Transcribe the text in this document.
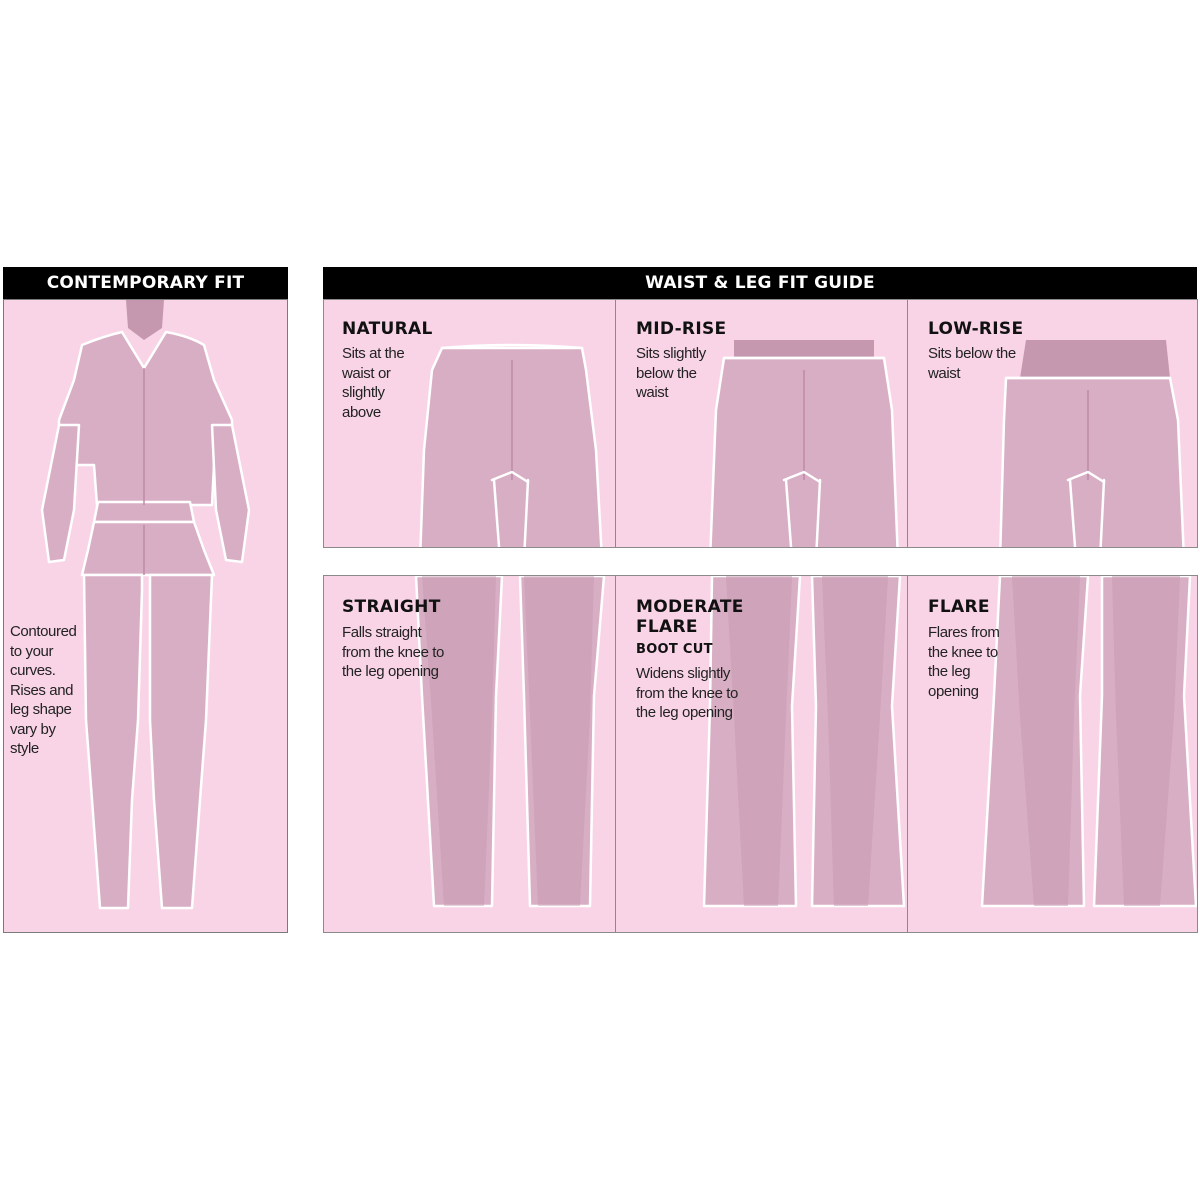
CONTEMPORARY FIT
Contoured to your curves. Rises and leg shape vary by style
WAIST & LEG FIT GUIDE
NATURAL
Sits at the waist or slightly above
MID-RISE
Sits slightly below the waist
LOW-RISE
Sits below the waist
STRAIGHT
Falls straight from the knee to the leg opening
MODERATE FLARE
BOOT CUT
Widens slightly from the knee to the leg opening
FLARE
Flares from the knee to the leg opening
